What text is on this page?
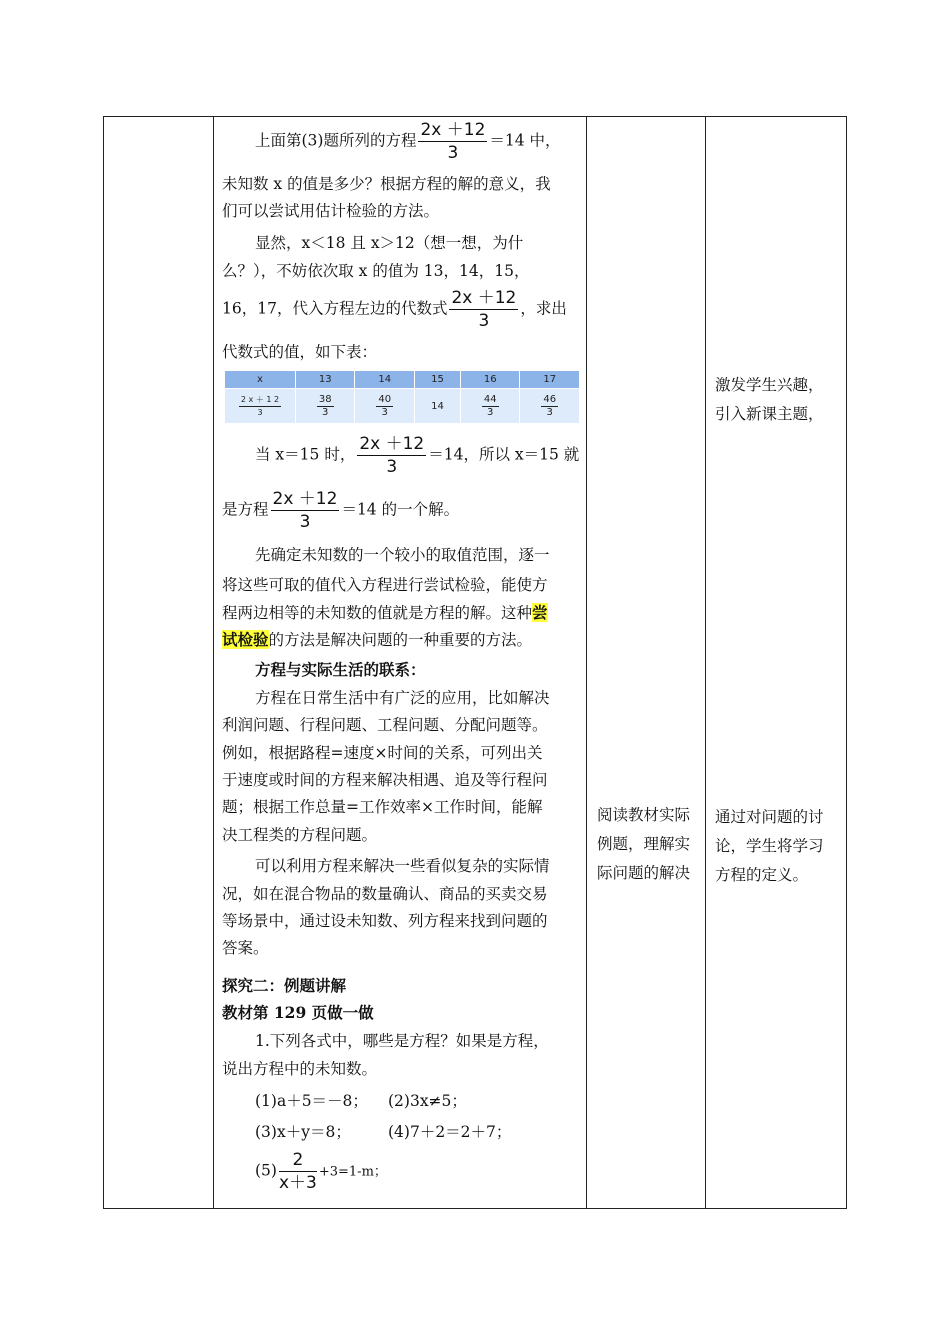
上面第(3)题所列的方程 $\frac{2x +12}{3} =14$ 中，
未知数 x 的值是多少？根据方程的解的意义，我
们可以尝试用估计检验的方法。
显然，x＜18 且 x＞12（想一想，为什
么？），不妨依次取 x 的值为 13，14，15，
16，17，代入方程左边的代数式 $\frac{2x +12}{3}$ ，求出
代数式的值，如下表：
当 x＝15 时， $\frac{2x +12}{3} =14$，所以 x＝15 就
是方程 $\frac{2x +12}{3} =14$ 的一个解。
先确定未知数的一个较小的取值范围，逐一
将这些可取的值代入方程进行尝试检验，能使方
程两边相等的未知数的值就是方程的解。这种尝
试检验的方法是解决问题的一种重要的方法。
方程与实际生活的联系：
方程在日常生活中有广泛的应用，比如解决
利润问题、行程问题、工程问题、分配问题等。
例如，根据路程=速度×时间的关系，可列出关
于速度或时间的方程来解决相遇、追及等行程问
题；根据工作总量=工作效率×工作时间，能解
决工程类的方程问题。
可以利用方程来解决一些看似复杂的实际情
况，如在混合物品的数量确认、商品的买卖交易
等场景中，通过设未知数、列方程来找到问题的
答案。
探究二：例题讲解
教材第 129 页做一做
1.下列各式中，哪些是方程？如果是方程，
说出方程中的未知数。
(1)a＋5＝－8； (2)3x≠5；
(3)x＋y＝8； (4)7＋2＝2＋7；
$(5) \frac{2}{x+3} +3=1-m$；
x	13	14	15	16	17

$\frac{2 x + 1 2}{3}$	$\frac{38}{3}$	$\frac{40}{3}$	14	$\frac{44}{3}$	$\frac{46}{3}$
阅读教材实际
例题，理解实
际问题的解决
激发学生兴趣，
引入新课主题，
通过对问题的讨
论，学生将学习
方程的定义。
